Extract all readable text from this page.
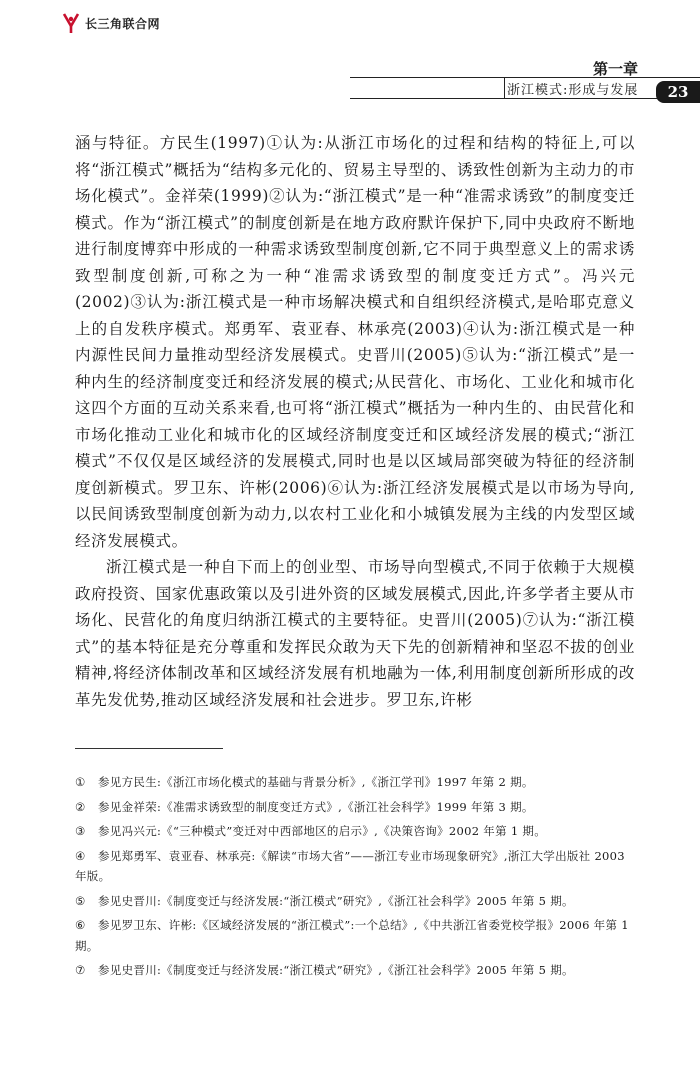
长三角联合网
第一章
浙江模式:形成与发展	23

涵与特征。方民生(1997)①认为:从浙江市场化的过程和结构的特征上,可以将“浙江模式”概括为“结构多元化的、贸易主导型的、诱致性创新为主动力的市场化模式”。金祥荣(1999)②认为:“浙江模式”是一种“准需求诱致”的制度变迁模式。作为“浙江模式”的制度创新是在地方政府默许保护下,同中央政府不断地进行制度博弈中形成的一种需求诱致型制度创新,它不同于典型意义上的需求诱致型制度创新,可称之为一种“准需求诱致型的制度变迁方式”。冯兴元(2002)③认为:浙江模式是一种市场解决模式和自组织经济模式,是哈耶克意义上的自发秩序模式。郑勇军、袁亚春、林承亮(2003)④认为:浙江模式是一种内源性民间力量推动型经济发展模式。史晋川(2005)⑤认为:“浙江模式”是一种内生的经济制度变迁和经济发展的模式;从民营化、市场化、工业化和城市化这四个方面的互动关系来看,也可将“浙江模式”概括为一种内生的、由民营化和市场化推动工业化和城市化的区域经济制度变迁和区域经济发展的模式;“浙江模式”不仅仅是区域经济的发展模式,同时也是以区域局部突破为特征的经济制度创新模式。罗卫东、许彬(2006)⑥认为:浙江经济发展模式是以市场为导向,以民间诱致型制度创新为动力,以农村工业化和小城镇发展为主线的内发型区域经济发展模式。

浙江模式是一种自下而上的创业型、市场导向型模式,不同于依赖于大规模政府投资、国家优惠政策以及引进外资的区域发展模式,因此,许多学者主要从市场化、民营化的角度归纳浙江模式的主要特征。史晋川(2005)⑦认为:“浙江模式”的基本特征是充分尊重和发挥民众敢为天下先的创新精神和坚忍不拔的创业精神,将经济体制改革和区域经济发展有机地融为一体,利用制度创新所形成的改革先发优势,推动区域经济发展和社会进步。罗卫东,许彬

① 参见方民生:《浙江市场化模式的基础与背景分析》,《浙江学刊》1997 年第 2 期。

② 参见金祥荣:《准需求诱致型的制度变迁方式》,《浙江社会科学》1999 年第 3 期。

③ 参见冯兴元:《“三种模式”变迁对中西部地区的启示》,《决策咨询》2002 年第 1 期。

④ 参见郑勇军、袁亚春、林承亮:《解读“市场大省”——浙江专业市场现象研究》,浙江大学出版社 2003 年版。

⑤ 参见史晋川:《制度变迁与经济发展:“浙江模式”研究》,《浙江社会科学》2005 年第 5 期。

⑥ 参见罗卫东、许彬:《区域经济发展的“浙江模式”:一个总结》,《中共浙江省委党校学报》2006 年第 1 期。

⑦ 参见史晋川:《制度变迁与经济发展:“浙江模式”研究》,《浙江社会科学》2005 年第 5 期。
